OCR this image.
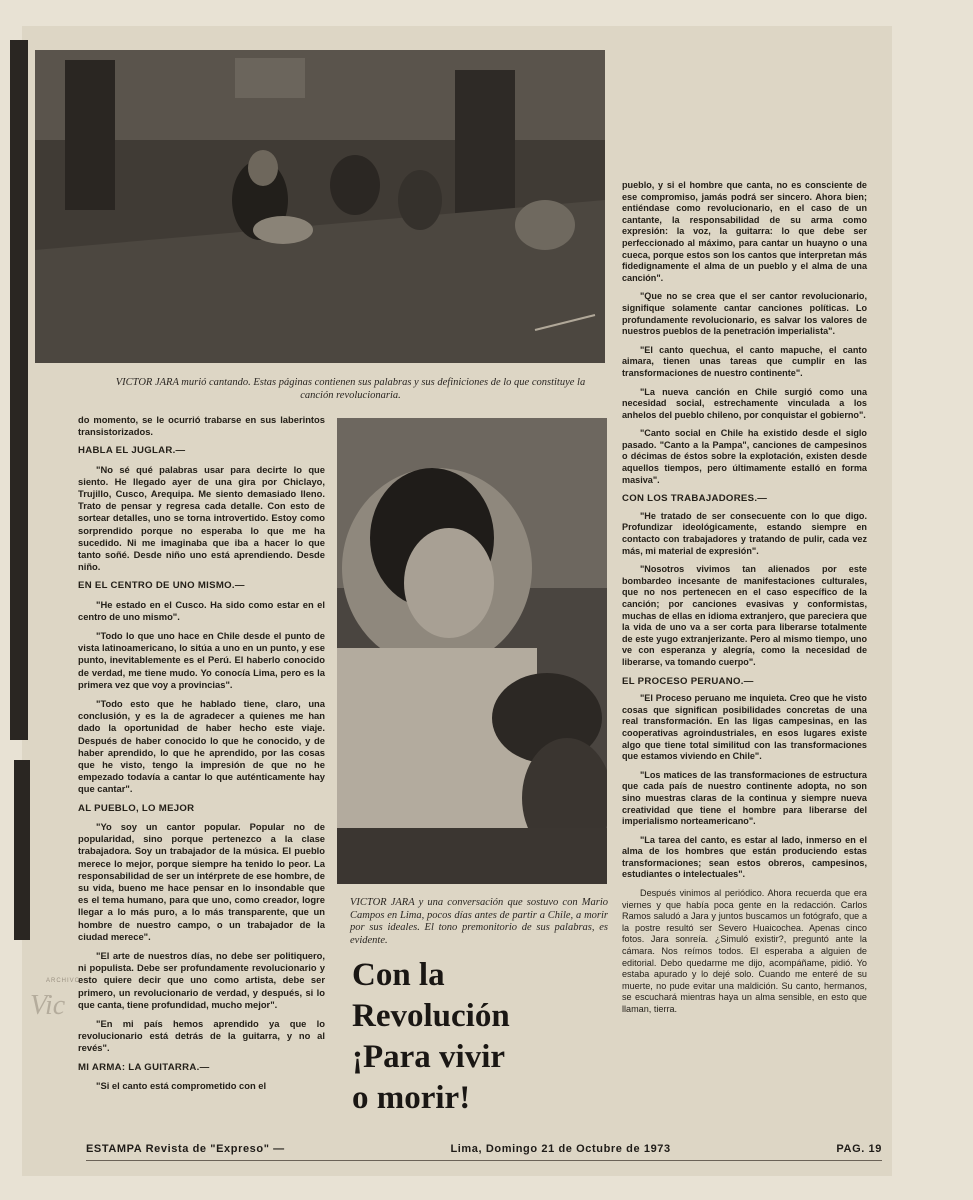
VICTOR JARA murió cantando. Estas páginas contienen sus palabras y sus definiciones de lo que constituye la canción revolucionaria.
VICTOR JARA y una conversación que sostuvo con Mario Campos en Lima, pocos días antes de partir a Chile, a morir por sus ideales. El tono premonitorio de sus palabras, es evidente.

do momento, se le ocurrió trabarse en sus laberintos transistorizados.

HABLA EL JUGLAR.—

"No sé qué palabras usar para decirte lo que siento. He llegado ayer de una gira por Chiclayo, Trujillo, Cusco, Arequipa. Me siento demasiado lleno. Trato de pensar y regresa cada detalle. Con esto de sortear detalles, uno se torna introvertido. Estoy como sorprendido porque no esperaba lo que me ha sucedido. Ni me imaginaba que iba a hacer lo que tanto soñé. Desde niño uno está aprendiendo. Desde niño.

EN EL CENTRO DE UNO MISMO.—

"He estado en el Cusco. Ha sido como estar en el centro de uno mismo".

"Todo lo que uno hace en Chile desde el punto de vista latinoamericano, lo sitúa a uno en un punto, y ese punto, inevitablemente es el Perú. El haberlo conocido de verdad, me tiene mudo. Yo conocía Lima, pero es la primera vez que voy a provincias".

"Todo esto que he hablado tiene, claro, una conclusión, y es la de agradecer a quienes me han dado la oportunidad de haber hecho este viaje. Después de haber conocido lo que he conocido, y de haber aprendido, lo que he aprendido, por las cosas que he visto, tengo la impresión de que no he empezado todavía a cantar lo que auténticamente hay que cantar".

AL PUEBLO, LO MEJOR

"Yo soy un cantor popular. Popular no de popularidad, sino porque pertenezco a la clase trabajadora. Soy un trabajador de la música. El pueblo merece lo mejor, porque siempre ha tenido lo peor. La responsabilidad de ser un intérprete de ese hombre, de su vida, bueno me hace pensar en lo insondable que es el tema humano, para que uno, como creador, logre llegar a lo más puro, a lo más transparente, que un hombre de nuestro campo, o un trabajador de la ciudad merece".

"El arte de nuestros días, no debe ser politiquero, ni populista. Debe ser profundamente revolucionario y esto quiere decir que uno como artista, debe ser primero, un revolucionario de verdad, y después, si lo que canta, tiene profundidad, mucho mejor".

"En mi país hemos aprendido ya que lo revolucionario está detrás de la guitarra, y no al revés".

MI ARMA: LA GUITARRA.—

"Si el canto está comprometido con el

pueblo, y si el hombre que canta, no es consciente de ese compromiso, jamás podrá ser sincero. Ahora bien; entiéndase como revolucionario, en el caso de un cantante, la responsabilidad de su arma como expresión: la voz, la guitarra: lo que debe ser perfeccionado al máximo, para cantar un huayno o una cueca, porque estos son los cantos que interpretan más fidedignamente el alma de un pueblo y el alma de una canción".

"Que no se crea que el ser cantor revolucionario, signifique solamente cantar canciones políticas. Lo profundamente revolucionario, es salvar los valores de nuestros pueblos de la penetración imperialista".

"El canto quechua, el canto mapuche, el canto aimara, tienen unas tareas que cumplir en las transformaciones de nuestro continente".

"La nueva canción en Chile surgió como una necesidad social, estrechamente vinculada a los anhelos del pueblo chileno, por conquistar el gobierno".

"Canto social en Chile ha existido desde el siglo pasado. "Canto a la Pampa", canciones de campesinos o décimas de éstos sobre la explotación, existen desde aquellos tiempos, pero últimamente estalló en forma masiva".

CON LOS TRABAJADORES.—

"He tratado de ser consecuente con lo que digo. Profundizar ideológicamente, estando siempre en contacto con trabajadores y tratando de pulir, cada vez más, mi material de expresión".

"Nosotros vivimos tan alienados por este bombardeo incesante de manifestaciones culturales, que no nos pertenecen en el caso específico de la canción; por canciones evasivas y conformistas, muchas de ellas en idioma extranjero, que pareciera que la vida de uno va a ser corta para liberarse totalmente de este yugo extranjerizante. Pero al mismo tiempo, uno ve con esperanza y alegría, como la necesidad de liberarse, va tomando cuerpo".

EL PROCESO PERUANO.—

"El Proceso peruano me inquieta. Creo que he visto cosas que significan posibilidades concretas de una real transformación. En las ligas campesinas, en las cooperativas agroindustriales, en esos lugares existe algo que tiene total similitud con las transformaciones que estamos viviendo en Chile".

"Los matices de las transformaciones de estructura que cada país de nuestro continente adopta, no son sino muestras claras de la continua y siempre nueva creatividad que tiene el hombre para liberarse del imperialismo norteamericano".

"La tarea del canto, es estar al lado, inmerso en el alma de los hombres que están produciendo estas transformaciones; sean estos obreros, campesinos, estudiantes o intelectuales".

Después vinimos al periódico. Ahora recuerda que era viernes y que había poca gente en la redacción. Carlos Ramos saludó a Jara y juntos buscamos un fotógrafo, que a la postre resultó ser Severo Huaicochea. Apenas cinco fotos. Jara sonreía. ¿Simuló existir?, preguntó ante la cámara. Nos reímos todos. El esperaba a alguien de editorial. Debo quedarme me dijo, acompáñame, pidió. Yo estaba apurado y lo dejé solo. Cuando me enteré de su muerte, no pude evitar una maldición. Su canto, hermanos, se escuchará mientras haya un alma sensible, en esto que llaman, tierra.

Con la
Revolución
¡Para vivir
o morir!
ARCHIVO
Vic
ESTAMPA Revista de "Expreso" —	Lima, Domingo 21 de Octubre de 1973	PAG. 19
